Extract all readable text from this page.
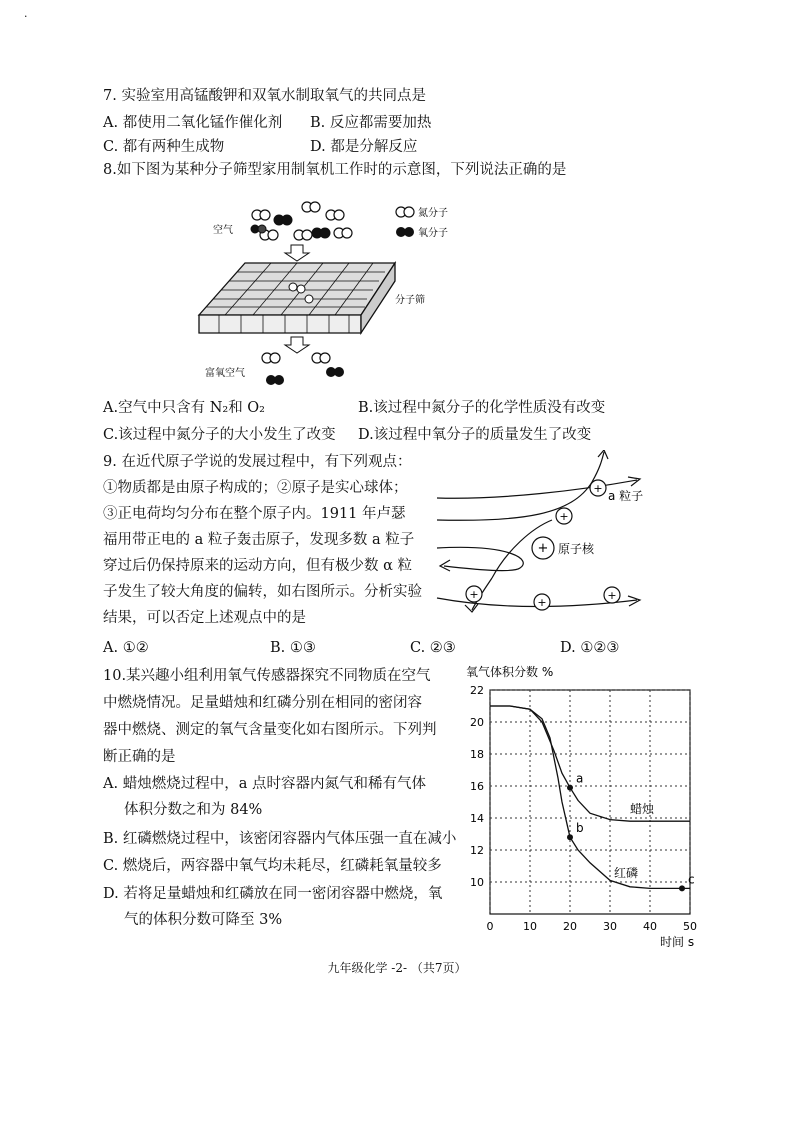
·
7. 实验室用高锰酸钾和双氧水制取氧气的共同点是
A. 都使用二氧化锰作催化剂 B. 反应都需要加热
C. 都有两种生成物	D. 都是分解反应
8.如下图为某种分子筛型家用制氧机工作时的示意图，下列说法正确的是
氮分子
氧分子
空气
分子筛
富氧空气
A.空气中只含有 N₂和 O₂	B.该过程中氮分子的化学性质没有改变
C.该过程中氮分子的大小发生了改变 D.该过程中氧分子的质量发生了改变
9. 在近代原子学说的发展过程中，有下列观点：
①物质都是由原子构成的；②原子是实心球体；
③正电荷均匀分布在整个原子内。1911 年卢瑟
福用带正电的 a 粒子轰击原子，发现多数 a 粒子
穿过后仍保持原来的运动方向，但有极少数 α 粒
子发生了较大角度的偏转，如右图所示。分析实验
结果，可以否定上述观点中的是
+
+
+
+
+
+
a 粒子
原子核
A. ①②	B. ①③	C. ②③	D. ①②③
10.某兴趣小组利用氧气传感器探究不同物质在空气
中燃烧情况。足量蜡烛和红磷分别在相同的密闭容
器中燃烧、测定的氧气含量变化如右图所示。下列判
断正确的是
A. 蜡烛燃烧过程中，a 点时容器内氮气和稀有气体
体积分数之和为 84%
B. 红磷燃烧过程中，该密闭容器内气体压强一直在减小
C. 燃烧后，两容器中氧气均未耗尽，红磷耗氧量较多
D. 若将足量蜡烛和红磷放在同一密闭容器中燃烧，氧
气的体积分数可降至 3%
氧气体积分数 %
时间 s
0	10 20 30 40 50
10
12
14
16
18
20
22
蜡烛
红磷
a
b
c
九年级化学 -2- （共7页）
